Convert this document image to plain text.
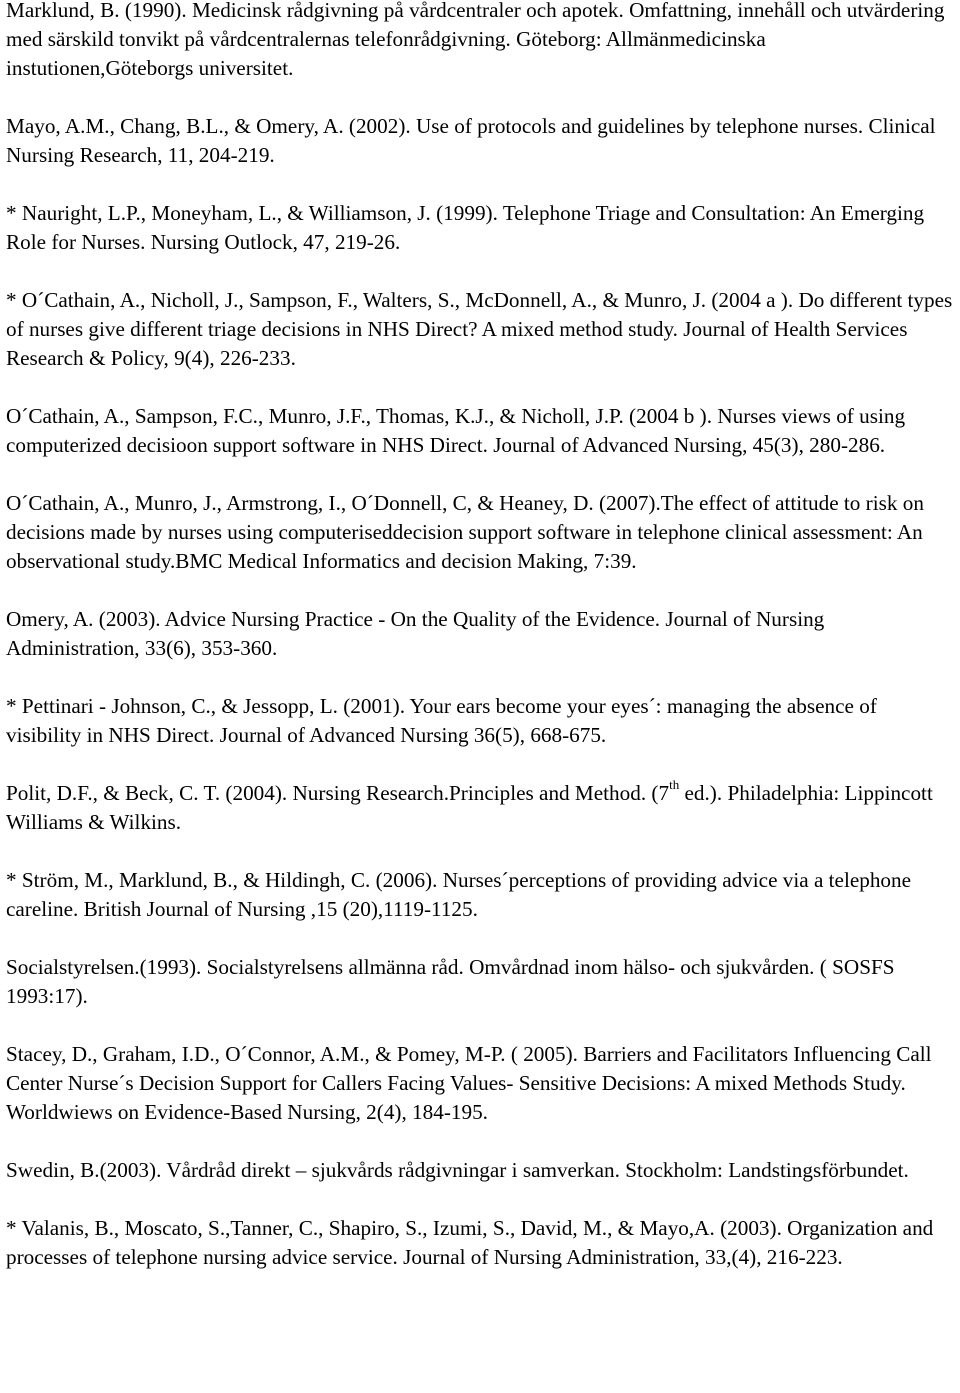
Marklund, B. (1990). Medicinsk rådgivning på vårdcentraler och apotek. Omfattning, innehåll och utvärdering med särskild tonvikt på vårdcentralernas telefonrådgivning. Göteborg: Allmänmedicinska instutionen,Göteborgs universitet.

Mayo, A.M., Chang, B.L., & Omery, A. (2002). Use of protocols and guidelines by telephone nurses. Clinical Nursing Research, 11, 204-219.

* Nauright, L.P., Moneyham, L., & Williamson, J. (1999). Telephone Triage and Consultation: An Emerging Role for Nurses. Nursing Outlock, 47, 219-26.

* O´Cathain, A., Nicholl, J., Sampson, F., Walters, S., McDonnell, A., & Munro, J. (2004 a ). Do different types of nurses give different triage decisions in NHS Direct? A mixed method study. Journal of Health Services Research & Policy, 9(4), 226-233.

O´Cathain, A., Sampson, F.C., Munro, J.F., Thomas, K.J., & Nicholl, J.P. (2004 b ). Nurses views of using computerized decisioon support software in NHS Direct. Journal of Advanced Nursing, 45(3), 280-286.

O´Cathain, A., Munro, J., Armstrong, I., O´Donnell, C, & Heaney, D. (2007).The effect of attitude to risk on decisions made by nurses using computeriseddecision support software in telephone clinical assessment: An observational study.BMC Medical Informatics and decision Making, 7:39.

Omery, A. (2003). Advice Nursing Practice - On the Quality of the Evidence. Journal of Nursing Administration, 33(6), 353-360.

* Pettinari - Johnson, C., & Jessopp, L. (2001). Your ears become your eyes´: managing the absence of visibility in NHS Direct. Journal of Advanced Nursing 36(5), 668-675.

Polit, D.F., & Beck, C. T. (2004). Nursing Research.Principles and Method. (7th ed.). Philadelphia: Lippincott Williams & Wilkins.

* Ström, M., Marklund, B., & Hildingh, C. (2006). Nurses´perceptions of providing advice via a telephone careline. British Journal of Nursing ,15 (20),1119-1125.

Socialstyrelsen.(1993). Socialstyrelsens allmänna råd. Omvårdnad inom hälso- och sjukvården. ( SOSFS 1993:17).

Stacey, D., Graham, I.D., O´Connor, A.M., & Pomey, M-P. ( 2005). Barriers and Facilitators Influencing Call Center Nurse´s Decision Support for Callers Facing Values- Sensitive Decisions: A mixed Methods Study. Worldwiews on Evidence-Based Nursing, 2(4), 184-195.

Swedin, B.(2003). Vårdråd direkt – sjukvårds rådgivningar i samverkan. Stockholm: Landstingsförbundet.

* Valanis, B., Moscato, S.,Tanner, C., Shapiro, S., Izumi, S., David, M., & Mayo,A. (2003). Organization and processes of telephone nursing advice service. Journal of Nursing Administration, 33,(4), 216-223.
